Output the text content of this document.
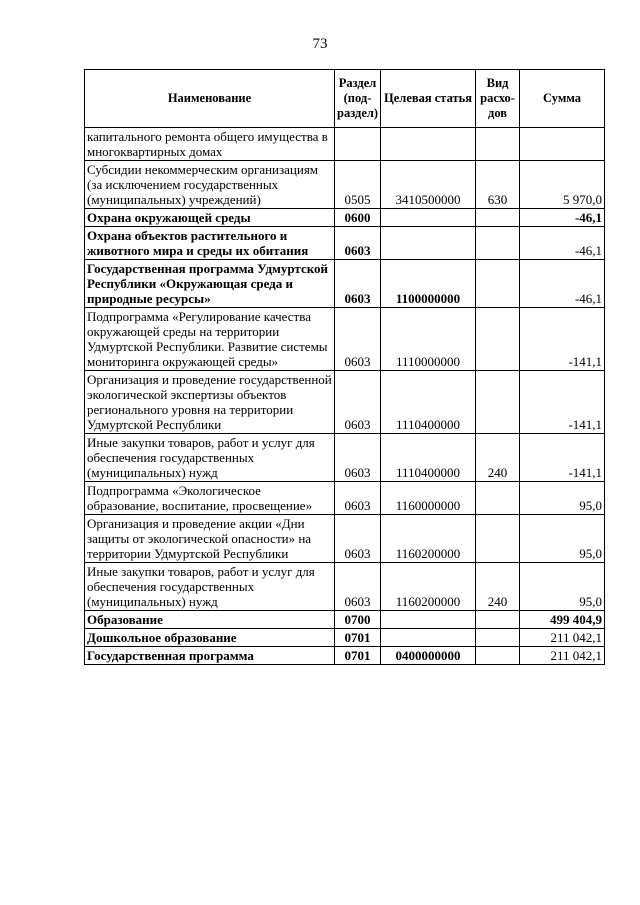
73
Наименование	Раздел (под-раздел)	Целевая статья	Вид расхо-дов	Сумма
капитального ремонта общего имущества в многоквартирных домах				
Субсидии некоммерческим организациям (за исключением государственных (муниципальных) учреждений)	0505	3410500000	630	5 970,0
Охрана окружающей среды	0600			-46,1
Охрана объектов растительного и животного мира и среды их обитания	0603			-46,1
Государственная программа Удмуртской Республики «Окружающая среда и природные ресурсы»	0603	1100000000		-46,1
Подпрограмма «Регулирование качества окружающей среды на территории Удмуртской Республики. Развитие системы мониторинга окружающей среды»	0603	1110000000		-141,1
Организация и проведение государственной экологической экспертизы объектов регионального уровня на территории Удмуртской Республики	0603	1110400000		-141,1
Иные закупки товаров, работ и услуг для обеспечения государственных (муниципальных) нужд	0603	1110400000	240	-141,1
Подпрограмма «Экологическое образование, воспитание, просвещение»	0603	1160000000		95,0
Организация и проведение акции «Дни защиты от экологической опасности» на территории Удмуртской Республики	0603	1160200000		95,0
Иные закупки товаров, работ и услуг для обеспечения государственных (муниципальных) нужд	0603	1160200000	240	95,0
Образование	0700			499 404,9
Дошкольное образование	0701			211 042,1
Государственная программа	0701	0400000000		211 042,1
